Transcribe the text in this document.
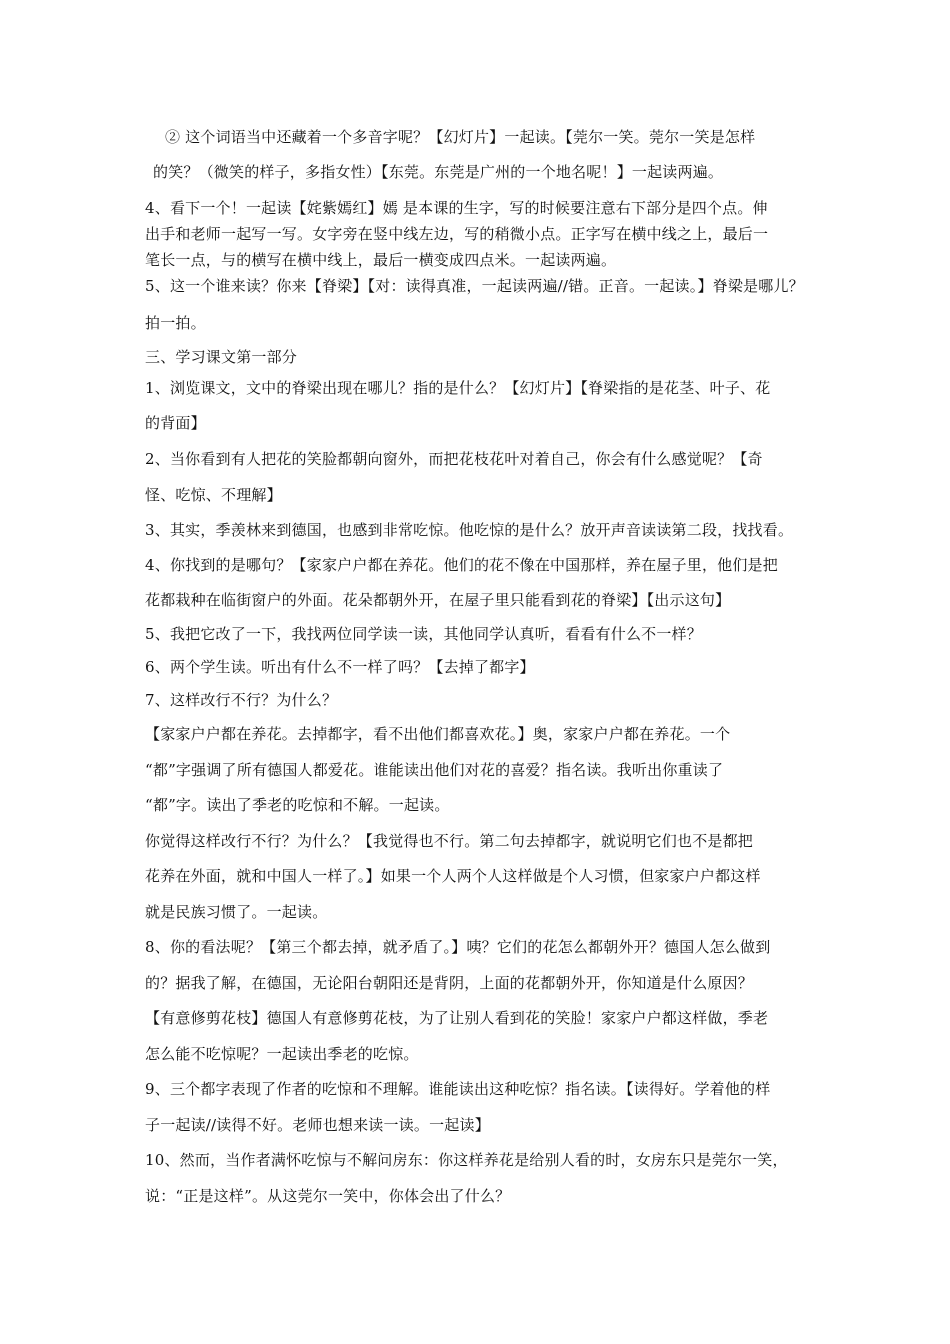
② 这个词语当中还藏着一个多音字呢？【幻灯片】一起读。【莞尔一笑。莞尔一笑是怎样
的笑？（微笑的样子，多指女性）【东莞。东莞是广州的一个地名呢！】一起读两遍。
4、看下一个！一起读【姹紫嫣红】嫣 是本课的生字，写的时候要注意右下部分是四个点。伸
出手和老师一起写一写。女字旁在竖中线左边，写的稍微小点。正字写在横中线之上，最后一
笔长一点，与的横写在横中线上，最后一横变成四点米。一起读两遍。
5、这一个谁来读？你来【脊梁】【对：读得真准，一起读两遍//错。正音。一起读。】脊梁是哪儿？
拍一拍。
三、学习课文第一部分
1、浏览课文，文中的脊梁出现在哪儿？指的是什么？【幻灯片】【脊梁指的是花茎、叶子、花
的背面】
2、当你看到有人把花的笑脸都朝向窗外，而把花枝花叶对着自己，你会有什么感觉呢？【奇
怪、吃惊、不理解】
3、其实，季羡林来到德国，也感到非常吃惊。他吃惊的是什么？放开声音读读第二段，找找看。
4、你找到的是哪句？【家家户户都在养花。他们的花不像在中国那样，养在屋子里，他们是把
花都栽种在临街窗户的外面。花朵都朝外开，在屋子里只能看到花的脊梁】【出示这句】
5、我把它改了一下，我找两位同学读一读，其他同学认真听，看看有什么不一样？
6、两个学生读。听出有什么不一样了吗？【去掉了都字】
7、这样改行不行？为什么？
【家家户户都在养花。去掉都字，看不出他们都喜欢花。】奥，家家户户都在养花。一个
“都”字强调了所有德国人都爱花。谁能读出他们对花的喜爱？指名读。我听出你重读了
“都”字。读出了季老的吃惊和不解。一起读。
你觉得这样改行不行？为什么？【我觉得也不行。第二句去掉都字，就说明它们也不是都把
花养在外面，就和中国人一样了。】如果一个人两个人这样做是个人习惯，但家家户户都这样
就是民族习惯了。一起读。
8、你的看法呢？【第三个都去掉，就矛盾了。】咦？它们的花怎么都朝外开？德国人怎么做到
的？据我了解，在德国，无论阳台朝阳还是背阴，上面的花都朝外开，你知道是什么原因？
【有意修剪花枝】德国人有意修剪花枝，为了让别人看到花的笑脸！家家户户都这样做，季老
怎么能不吃惊呢？一起读出季老的吃惊。
9、三个都字表现了作者的吃惊和不理解。谁能读出这种吃惊？指名读。【读得好。学着他的样
子一起读//读得不好。老师也想来读一读。一起读】
10、然而，当作者满怀吃惊与不解问房东：你这样养花是给别人看的时，女房东只是莞尔一笑，
说：“正是这样”。从这莞尔一笑中，你体会出了什么？
